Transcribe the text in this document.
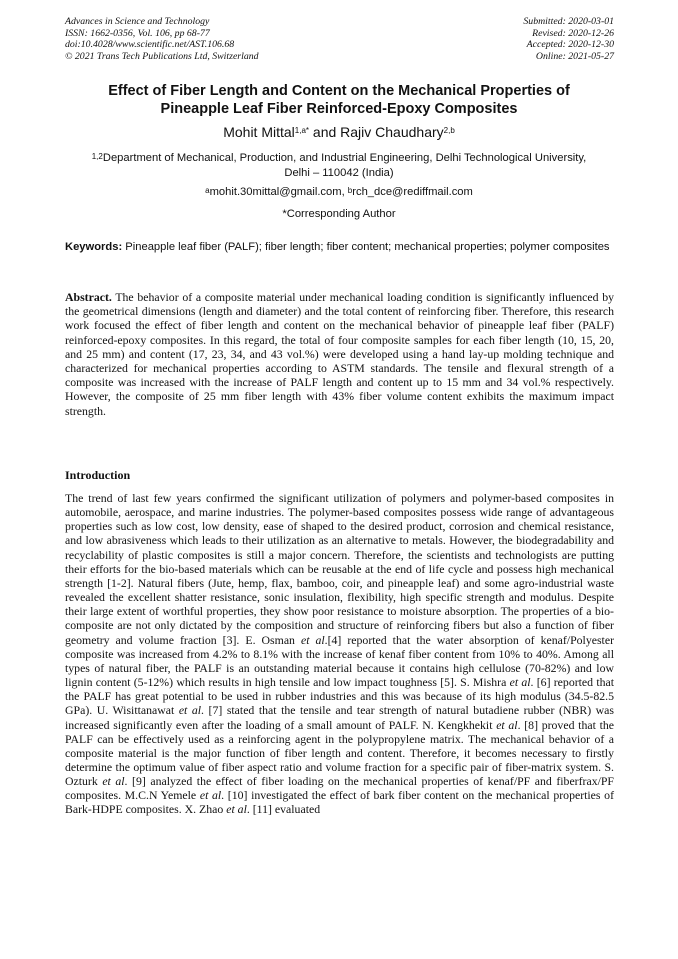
Advances in Science and Technology
ISSN: 1662-0356, Vol. 106, pp 68-77
doi:10.4028/www.scientific.net/AST.106.68
© 2021 Trans Tech Publications Ltd, Switzerland
Submitted: 2020-03-01
Revised: 2020-12-26
Accepted: 2020-12-30
Online: 2021-05-27
Effect of Fiber Length and Content on the Mechanical Properties of
Pineapple Leaf Fiber Reinforced-Epoxy Composites
Mohit Mittal$^{1,a*}$ and Rajiv Chaudhary$^{2,b}$
$^{1,2}$Department of Mechanical, Production, and Industrial Engineering, Delhi Technological University, Delhi – 110042 (India)
$^a$mohit.30mittal@gmail.com, $^b$rch_dce@rediffmail.com
*Corresponding Author
Keywords: Pineapple leaf fiber (PALF); fiber length; fiber content; mechanical properties; polymer composites
Abstract. The behavior of a composite material under mechanical loading condition is significantly influenced by the geometrical dimensions (length and diameter) and the total content of reinforcing fiber. Therefore, this research work focused the effect of fiber length and content on the mechanical behavior of pineapple leaf fiber (PALF) reinforced-epoxy composites. In this regard, the total of four composite samples for each fiber length (10, 15, 20, and 25 mm) and content (17, 23, 34, and 43 vol.%) were developed using a hand lay-up molding technique and characterized for mechanical properties according to ASTM standards. The tensile and flexural strength of a composite was increased with the increase of PALF length and content up to 15 mm and 34 vol.% respectively. However, the composite of 25 mm fiber length with 43% fiber volume content exhibits the maximum impact strength.
Introduction
The trend of last few years confirmed the significant utilization of polymers and polymer-based composites in automobile, aerospace, and marine industries. The polymer-based composites possess wide range of advantageous properties such as low cost, low density, ease of shaped to the desired product, corrosion and chemical resistance, and low abrasiveness which leads to their utilization as an alternative to metals. However, the biodegradability and recyclability of plastic composites is still a major concern. Therefore, the scientists and technologists are putting their efforts for the bio-based materials which can be reusable at the end of life cycle and possess high mechanical strength [1-2]. Natural fibers (Jute, hemp, flax, bamboo, coir, and pineapple leaf) and some agro-industrial waste revealed the excellent shatter resistance, sonic insulation, flexibility, high specific strength and modulus. Despite their large extent of worthful properties, they show poor resistance to moisture absorption. The properties of a bio-composite are not only dictated by the composition and structure of reinforcing fibers but also a function of fiber geometry and volume fraction [3]. E. Osman et al.[4] reported that the water absorption of kenaf/Polyester composite was increased from 4.2% to 8.1% with the increase of kenaf fiber content from 10% to 40%. Among all types of natural fiber, the PALF is an outstanding material because it contains high cellulose (70-82%) and low lignin content (5-12%) which results in high tensile and low impact toughness [5]. S. Mishra et al. [6] reported that the PALF has great potential to be used in rubber industries and this was because of its high modulus (34.5-82.5 GPa). U. Wisittanawat et al. [7] stated that the tensile and tear strength of natural butadiene rubber (NBR) was increased significantly even after the loading of a small amount of PALF. N. Kengkhekit et al. [8] proved that the PALF can be effectively used as a reinforcing agent in the polypropylene matrix. The mechanical behavior of a composite material is the major function of fiber length and content. Therefore, it becomes necessary to firstly determine the optimum value of fiber aspect ratio and volume fraction for a specific pair of fiber-matrix system. S. Ozturk et al. [9] analyzed the effect of fiber loading on the mechanical properties of kenaf/PF and fiberfrax/PF composites. M.C.N Yemele et al. [10] investigated the effect of bark fiber content on the mechanical properties of Bark-HDPE composites. X. Zhao et al. [11] evaluated
